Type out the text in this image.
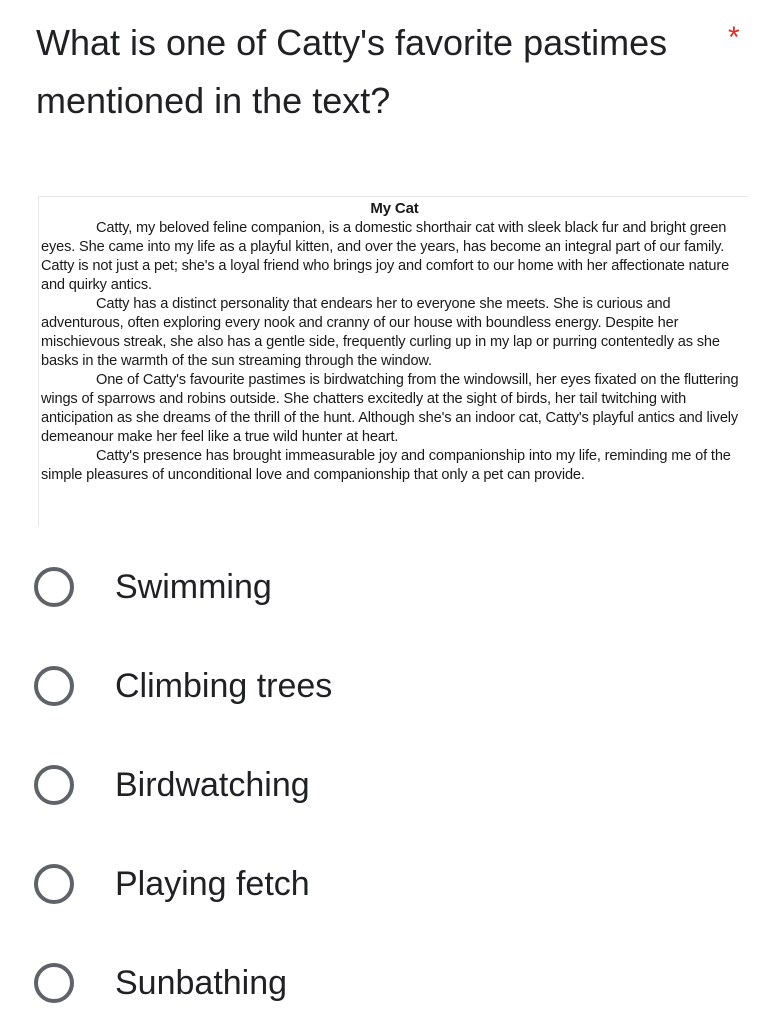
What is one of Catty's favorite pastimes mentioned in the text?
*

My Cat

Catty, my beloved feline companion, is a domestic shorthair cat with sleek black fur and bright green eyes. She came into my life as a playful kitten, and over the years, has become an integral part of our family. Catty is not just a pet; she's a loyal friend who brings joy and comfort to our home with her affectionate nature and quirky antics.

Catty has a distinct personality that endears her to everyone she meets. She is curious and adventurous, often exploring every nook and cranny of our house with boundless energy. Despite her mischievous streak, she also has a gentle side, frequently curling up in my lap or purring contentedly as she basks in the warmth of the sun streaming through the window.

One of Catty's favourite pastimes is birdwatching from the windowsill, her eyes fixated on the fluttering wings of sparrows and robins outside. She chatters excitedly at the sight of birds, her tail twitching with anticipation as she dreams of the thrill of the hunt. Although she's an indoor cat, Catty's playful antics and lively demeanour make her feel like a true wild hunter at heart.

Catty's presence has brought immeasurable joy and companionship into my life, reminding me of the simple pleasures of unconditional love and companionship that only a pet can provide.

Swimming
Climbing trees
Birdwatching
Playing fetch
Sunbathing
